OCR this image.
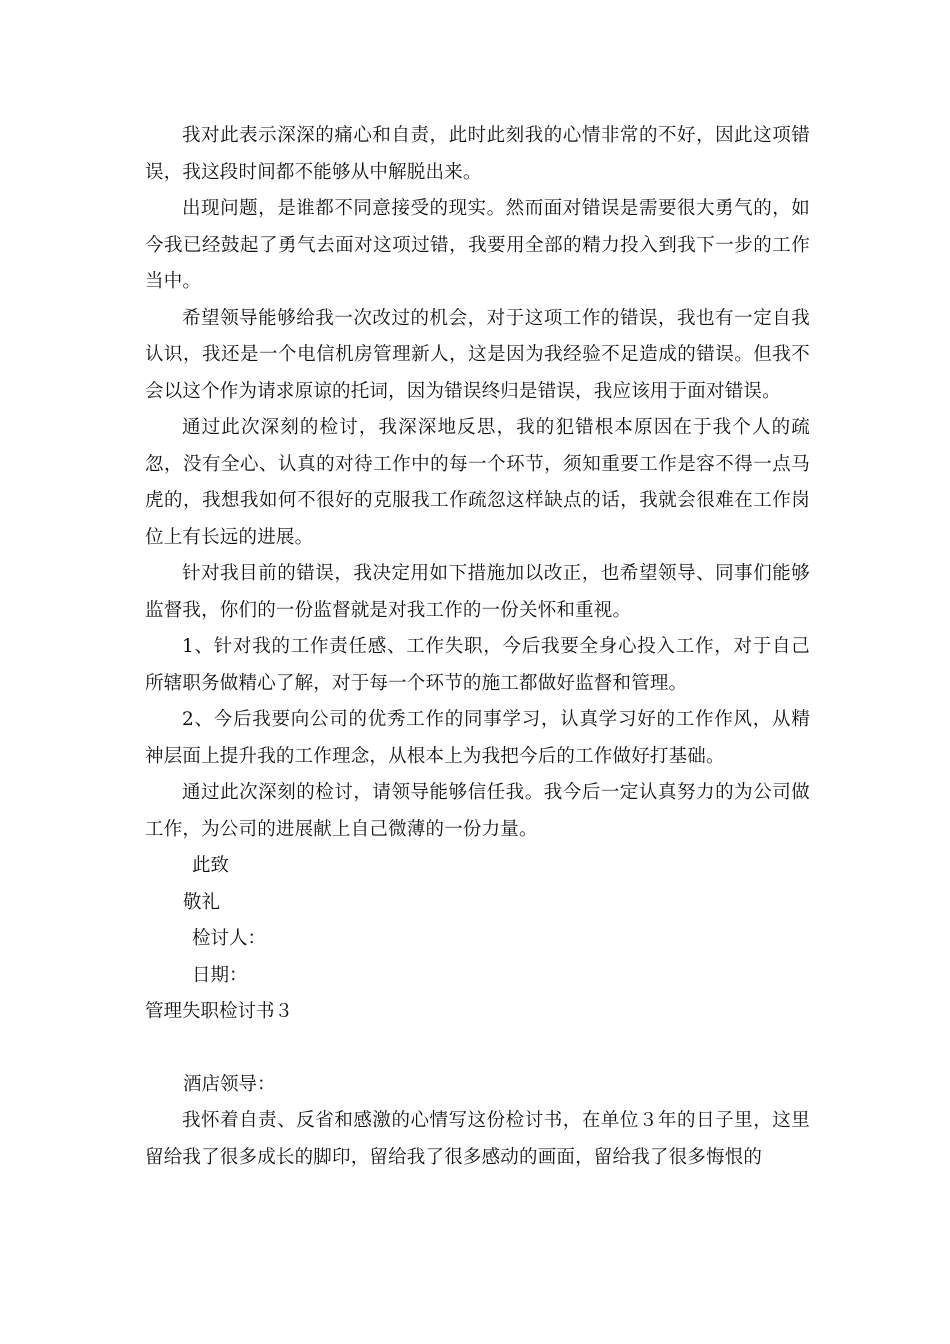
我对此表示深深的痛心和自责，此时此刻我的心情非常的不好，因此这项错误，我这段时间都不能够从中解脱出来。

出现问题，是谁都不同意接受的现实。然而面对错误是需要很大勇气的，如今我已经鼓起了勇气去面对这项过错，我要用全部的精力投入到我下一步的工作当中。

希望领导能够给我一次改过的机会，对于这项工作的错误，我也有一定自我认识，我还是一个电信机房管理新人，这是因为我经验不足造成的错误。但我不会以这个作为请求原谅的托词，因为错误终归是错误，我应该用于面对错误。

通过此次深刻的检讨，我深深地反思，我的犯错根本原因在于我个人的疏忽，没有全心、认真的对待工作中的每一个环节，须知重要工作是容不得一点马虎的，我想我如何不很好的克服我工作疏忽这样缺点的话，我就会很难在工作岗位上有长远的进展。

针对我目前的错误，我决定用如下措施加以改正，也希望领导、同事们能够监督我，你们的一份监督就是对我工作的一份关怀和重视。

1、针对我的工作责任感、工作失职，今后我要全身心投入工作，对于自己所辖职务做精心了解，对于每一个环节的施工都做好监督和管理。

2、今后我要向公司的优秀工作的同事学习，认真学习好的工作作风，从精神层面上提升我的工作理念，从根本上为我把今后的工作做好打基础。

通过此次深刻的检讨，请领导能够信任我。我今后一定认真努力的为公司做工作，为公司的进展献上自己微薄的一份力量。

此致

敬礼

检讨人：

日期：

管理失职检讨书３

酒店领导：

我怀着自责、反省和感激的心情写这份检讨书，在单位３年的日子里，这里留给我了很多成长的脚印，留给我了很多感动的画面，留给我了很多悔恨的
